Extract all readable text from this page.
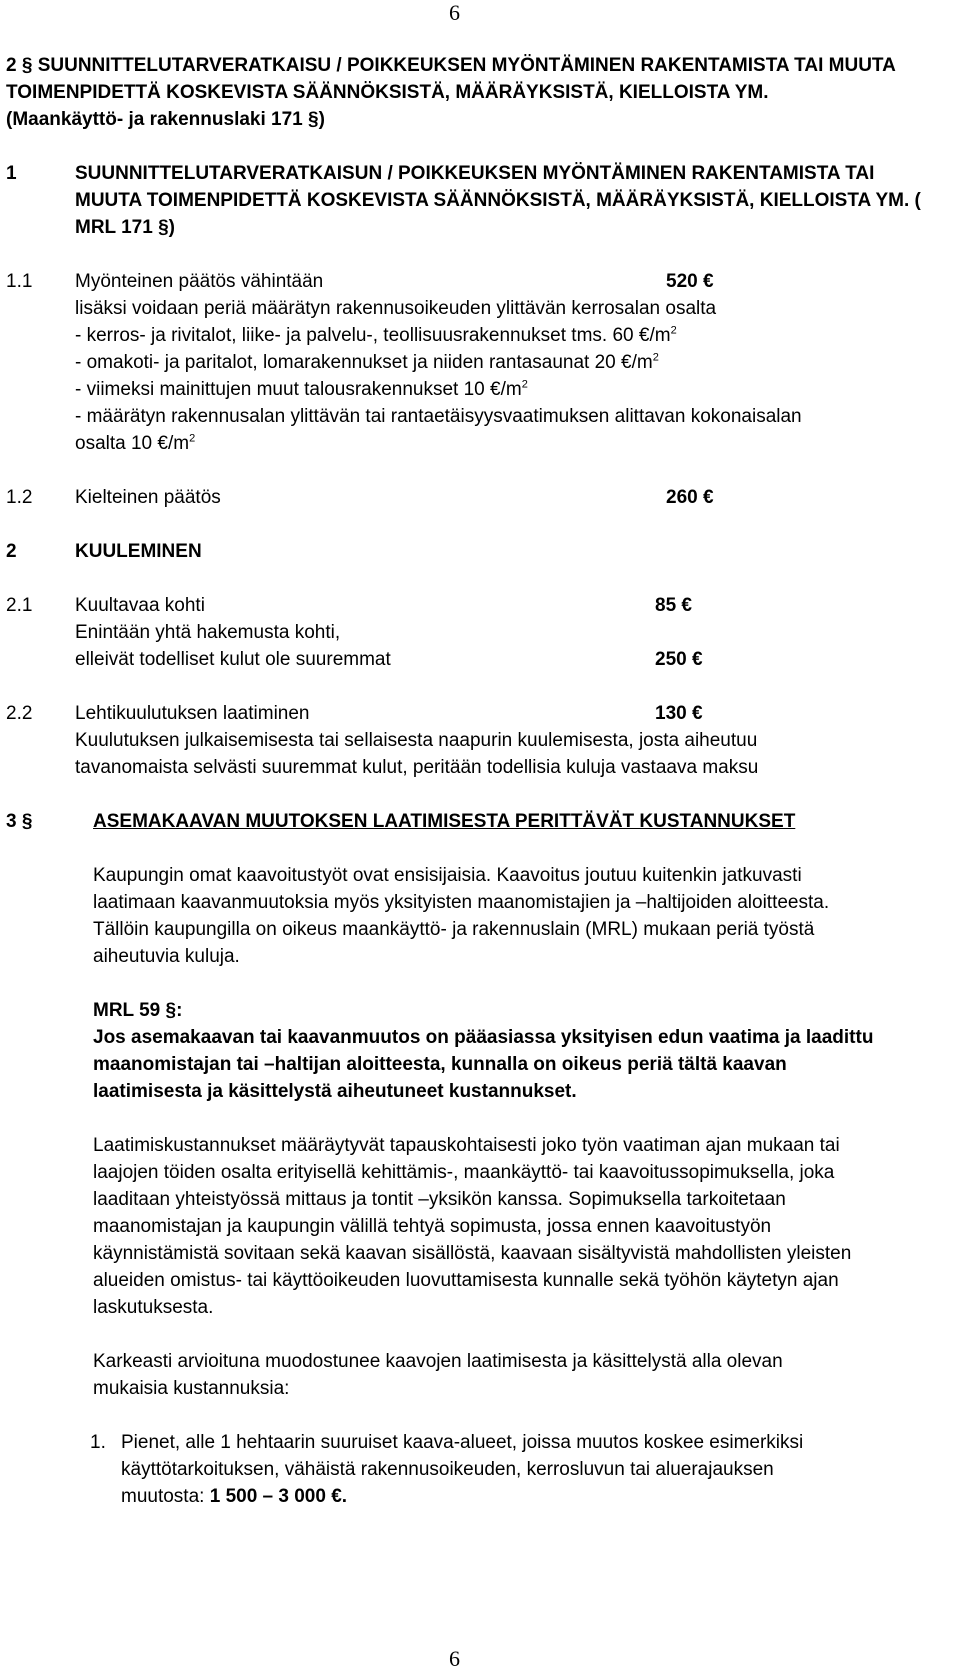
6
6
2 § SUUNNITTELUTARVERATKAISU / POIKKEUKSEN MYÖNTÄMINEN RAKENTAMISTA TAI MUUTA
TOIMENPIDETTÄ KOSKEVISTA SÄÄNNÖKSISTÄ, MÄÄRÄYKSISTÄ, KIELLOISTA YM.
(Maankäyttö- ja rakennuslaki 171 §)
1	SUUNNITTELUTARVERATKAISUN / POIKKEUKSEN MYÖNTÄMINEN RAKENTAMISTA TAI
MUUTA TOIMENPIDETTÄ KOSKEVISTA SÄÄNNÖKSISTÄ, MÄÄRÄYKSISTÄ, KIELLOISTA YM. (
MRL 171 §)
1.1 Myönteinen päätös vähintään	520 €
lisäksi voidaan periä määrätyn rakennusoikeuden ylittävän kerrosalan osalta
- kerros- ja rivitalot, liike- ja palvelu-, teollisuusrakennukset tms. 60 $€/m^2$
- omakoti- ja paritalot, lomarakennukset ja niiden rantasaunat 20 $€/m^2$
- viimeksi mainittujen muut talousrakennukset 10 $€/m^2$
- määrätyn rakennusalan ylittävän tai rantaetäisyysvaatimuksen alittavan kokonaisalan
osalta 10 $€/m^2$
1.2 Kielteinen päätös	260 €
2	KUULEMINEN
2.1 Kuultavaa kohti	85 €
Enintään yhtä hakemusta kohti,
elleivät todelliset kulut ole suuremmat	250 €
2.2 Lehtikuulutuksen laatiminen	130 €
Kuulutuksen julkaisemisesta tai sellaisesta naapurin kuulemisesta, josta aiheutuu
tavanomaista selvästi suuremmat kulut, peritään todellisia kuluja vastaava maksu
3 §	ASEMAKAAVAN MUUTOKSEN LAATIMISESTA PERITTÄVÄT KUSTANNUKSET
Kaupungin omat kaavoitustyöt ovat ensisijaisia. Kaavoitus joutuu kuitenkin jatkuvasti
laatimaan kaavanmuutoksia myös yksityisten maanomistajien ja –haltijoiden aloitteesta.
Tällöin kaupungilla on oikeus maankäyttö- ja rakennuslain (MRL) mukaan periä työstä
aiheutuvia kuluja.
MRL 59 §:
Jos asemakaavan tai kaavanmuutos on pääasiassa yksityisen edun vaatima ja laadittu
maanomistajan tai –haltijan aloitteesta, kunnalla on oikeus periä tältä kaavan
laatimisesta ja käsittelystä aiheutuneet kustannukset.
Laatimiskustannukset määräytyvät tapauskohtaisesti joko työn vaatiman ajan mukaan tai
laajojen töiden osalta erityisellä kehittämis-, maankäyttö- tai kaavoitussopimuksella, joka
laaditaan yhteistyössä mittaus ja tontit –yksikön kanssa. Sopimuksella tarkoitetaan
maanomistajan ja kaupungin välillä tehtyä sopimusta, jossa ennen kaavoitustyön
käynnistämistä sovitaan sekä kaavan sisällöstä, kaavaan sisältyvistä mahdollisten yleisten
alueiden omistus- tai käyttöoikeuden luovuttamisesta kunnalle sekä työhön käytetyn ajan
laskutuksesta.
Karkeasti arvioituna muodostunee kaavojen laatimisesta ja käsittelystä alla olevan
mukaisia kustannuksia:
1. Pienet, alle 1 hehtaarin suuruiset kaava-alueet, joissa muutos koskee esimerkiksi
käyttötarkoituksen, vähäistä rakennusoikeuden, kerrosluvun tai aluerajauksen
muutosta: 1 500 – 3 000 €.
